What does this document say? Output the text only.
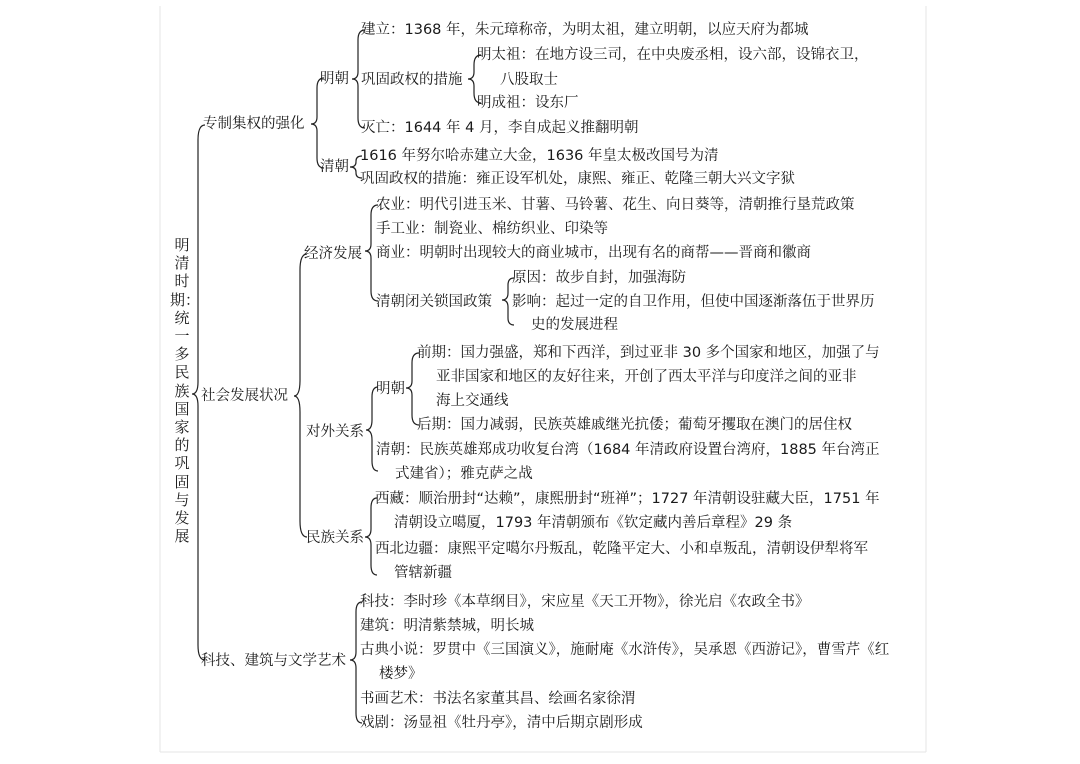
明清时期：统一多民族国家的巩固与发展
专制集权的强化
明朝
建立：1368 年，朱元璋称帝，为明太祖，建立明朝，以应天府为都城
巩固政权的措施
明太祖：在地方设三司，在中央废丞相，设六部，设锦衣卫，
八股取士
明成祖：设东厂
灭亡：1644 年 4 月，李自成起义推翻明朝
清朝
1616 年努尔哈赤建立大金，1636 年皇太极改国号为清
巩固政权的措施：雍正设军机处，康熙、雍正、乾隆三朝大兴文字狱
社会发展状况
经济发展
农业：明代引进玉米、甘薯、马铃薯、花生、向日葵等，清朝推行垦荒政策
手工业：制瓷业、棉纺织业、印染等
商业：明朝时出现较大的商业城市，出现有名的商帮——晋商和徽商
清朝闭关锁国政策
原因：故步自封，加强海防
影响：起过一定的自卫作用，但使中国逐渐落伍于世界历
史的发展进程
对外关系
明朝
前期：国力强盛，郑和下西洋，到过亚非 30 多个国家和地区，加强了与
亚非国家和地区的友好往来，开创了西太平洋与印度洋之间的亚非
海上交通线
后期：国力减弱，民族英雄戚继光抗倭；葡萄牙攫取在澳门的居住权
清朝：民族英雄郑成功收复台湾（1684 年清政府设置台湾府，1885 年台湾正
式建省）；雅克萨之战
民族关系
西藏：顺治册封“达赖”，康熙册封“班禅”；1727 年清朝设驻藏大臣，1751 年
清朝设立噶厦，1793 年清朝颁布《钦定藏内善后章程》29 条
西北边疆：康熙平定噶尔丹叛乱，乾隆平定大、小和卓叛乱，清朝设伊犁将军
管辖新疆
科技、建筑与文学艺术
科技：李时珍《本草纲目》，宋应星《天工开物》，徐光启《农政全书》
建筑：明清紫禁城，明长城
古典小说：罗贯中《三国演义》，施耐庵《水浒传》，吴承恩《西游记》，曹雪芹《红
楼梦》
书画艺术：书法名家董其昌、绘画名家徐渭
戏剧：汤显祖《牡丹亭》，清中后期京剧形成
